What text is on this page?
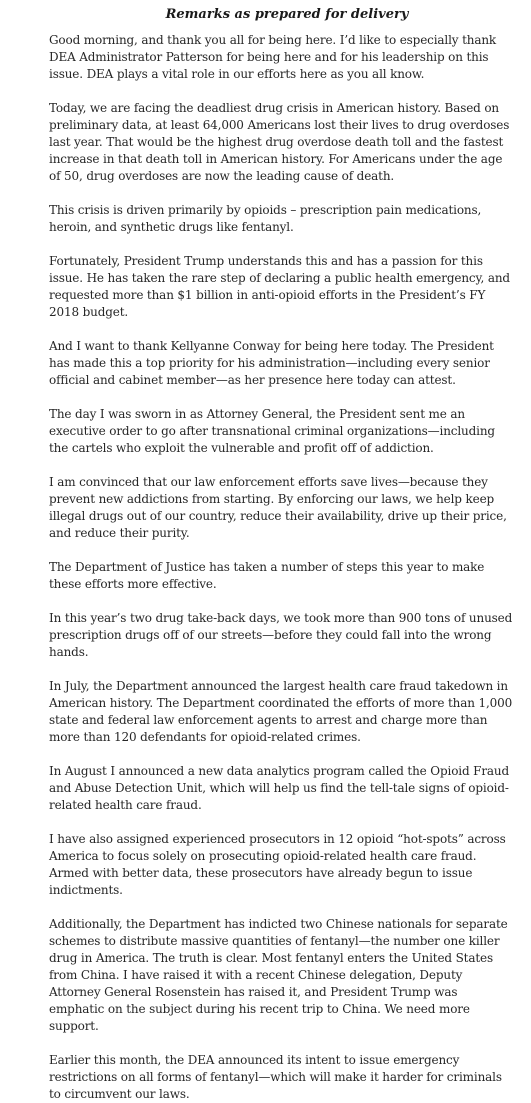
Remarks as prepared for delivery

Good morning, and thank you all for being here. I’d like to especially thank DEA Administrator Patterson for being here and for his leadership on this issue. DEA plays a vital role in our efforts here as you all know.

Today, we are facing the deadliest drug crisis in American history. Based on preliminary data, at least 64,000 Americans lost their lives to drug overdoses last year. That would be the highest drug overdose death toll and the fastest increase in that death toll in American history. For Americans under the age of 50, drug overdoses are now the leading cause of death.

This crisis is driven primarily by opioids – prescription pain medications, heroin, and synthetic drugs like fentanyl.

Fortunately, President Trump understands this and has a passion for this issue. He has taken the rare step of declaring a public health emergency, and requested more than $1 billion in anti-opioid efforts in the President’s FY 2018 budget.

And I want to thank Kellyanne Conway for being here today. The President has made this a top priority for his administration—including every senior official and cabinet member—as her presence here today can attest.

The day I was sworn in as Attorney General, the President sent me an executive order to go after transnational criminal organizations—including the cartels who exploit the vulnerable and profit off of addiction.

I am convinced that our law enforcement efforts save lives—because they prevent new addictions from starting. By enforcing our laws, we help keep illegal drugs out of our country, reduce their availability, drive up their price, and reduce their purity.

The Department of Justice has taken a number of steps this year to make these efforts more effective.

In this year’s two drug take-back days, we took more than 900 tons of unused prescription drugs off of our streets—before they could fall into the wrong hands.

In July, the Department announced the largest health care fraud takedown in American history. The Department coordinated the efforts of more than 1,000 state and federal law enforcement agents to arrest and charge more than more than 120 defendants for opioid-related crimes.

In August I announced a new data analytics program called the Opioid Fraud and Abuse Detection Unit, which will help us find the tell-tale signs of opioid-related health care fraud.

I have also assigned experienced prosecutors in 12 opioid “hot-spots” across America to focus solely on prosecuting opioid-related health care fraud. Armed with better data, these prosecutors have already begun to issue indictments.

Additionally, the Department has indicted two Chinese nationals for separate schemes to distribute massive quantities of fentanyl—the number one killer drug in America. The truth is clear. Most fentanyl enters the United States from China. I have raised it with a recent Chinese delegation, Deputy Attorney General Rosenstein has raised it, and President Trump was emphatic on the subject during his recent trip to China. We need more support.

Earlier this month, the DEA announced its intent to issue emergency restrictions on all forms of fentanyl—which will make it harder for criminals to circumvent our laws.
